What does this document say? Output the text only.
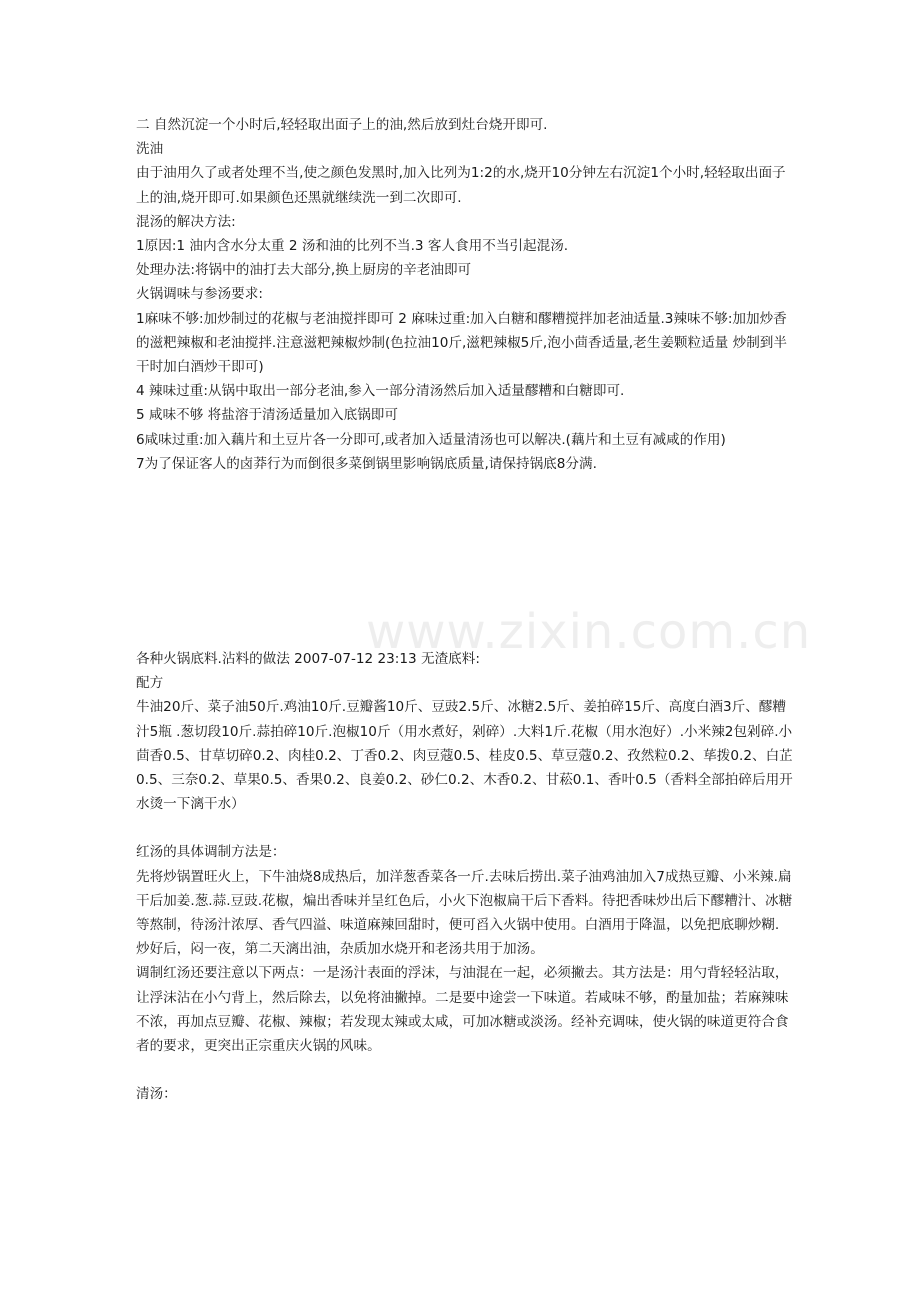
二 自然沉淀一个小时后,轻轻取出面子上的油,然后放到灶台烧开即可.

洗油

由于油用久了或者处理不当,使之颜色发黑时,加入比列为1:2的水,烧开10分钟左右沉淀1个小时,轻轻取出面子上的油,烧开即可.如果颜色还黑就继续洗一到二次即可.

混汤的解决方法:

1原因:1 油内含水分太重 2 汤和油的比列不当.3 客人食用不当引起混汤.

处理办法:将锅中的油打去大部分,换上厨房的辛老油即可

火锅调味与参汤要求:

1麻味不够:加炒制过的花椒与老油搅拌即可 2 麻味过重:加入白糖和醪糟搅拌加老油适量.3辣味不够:加加炒香的滋粑辣椒和老油搅拌.注意滋粑辣椒炒制(色拉油10斤,滋粑辣椒5斤,泡小茴香适量,老生姜颗粒适量 炒制到半干时加白酒炒干即可)

4 辣味过重:从锅中取出一部分老油,参入一部分清汤然后加入适量醪糟和白糖即可.

5 咸味不够 将盐溶于清汤适量加入底锅即可

6咸味过重:加入藕片和土豆片各一分即可,或者加入适量清汤也可以解决.(藕片和土豆有减咸的作用)

7为了保证客人的卤莽行为而倒很多菜倒锅里影响锅底质量,请保持锅底8分满.

www.zixin.com.cn

各种火锅底料.沾料的做法 2007-07-12 23:13 无渣底料:

配方

牛油20斤、菜子油50斤.鸡油10斤.豆瓣酱10斤、豆豉2.5斤、冰糖2.5斤、姜拍碎15斤、高度白酒3斤、醪糟汁5瓶 .葱切段10斤.蒜拍碎10斤.泡椒10斤（用水煮好，剁碎）.大料1斤.花椒（用水泡好）.小米辣2包剁碎.小茴香0.5、甘草切碎0.2、肉桂0.2、丁香0.2、肉豆蔻0.5、桂皮0.5、草豆蔻0.2、孜然粒0.2、荜拨0.2、白芷0.5、三奈0.2、草果0.5、香果0.2、良姜0.2、砂仁0.2、木香0.2、甘菘0.1、香叶0.5（香料全部拍碎后用开水烫一下漓干水）

红汤的具体调制方法是：

先将炒锅置旺火上，下牛油烧8成热后，加洋葱香菜各一斤.去味后捞出.菜子油鸡油加入7成热豆瓣、小米辣.扁干后加姜.葱.蒜.豆豉.花椒，煸出香味并呈红色后，小火下泡椒扁干后下香料。待把香味炒出后下醪糟汁、冰糖等熬制，待汤汁浓厚、香气四溢、味道麻辣回甜时，便可舀入火锅中使用。白酒用于降温，以免把底聊炒糊.

炒好后，闷一夜，第二天漓出油，杂质加水烧开和老汤共用于加汤。

调制红汤还要注意以下两点：一是汤汁表面的浮沫，与油混在一起，必须撇去。其方法是：用勺背轻轻沾取，让浮沫沾在小勺背上，然后除去，以免将油撇掉。二是要中途尝一下味道。若咸味不够，酌量加盐；若麻辣味不浓，再加点豆瓣、花椒、辣椒；若发现太辣或太咸，可加冰糖或淡汤。经补充调味，使火锅的味道更符合食者的要求，更突出正宗重庆火锅的风味。

清汤：
